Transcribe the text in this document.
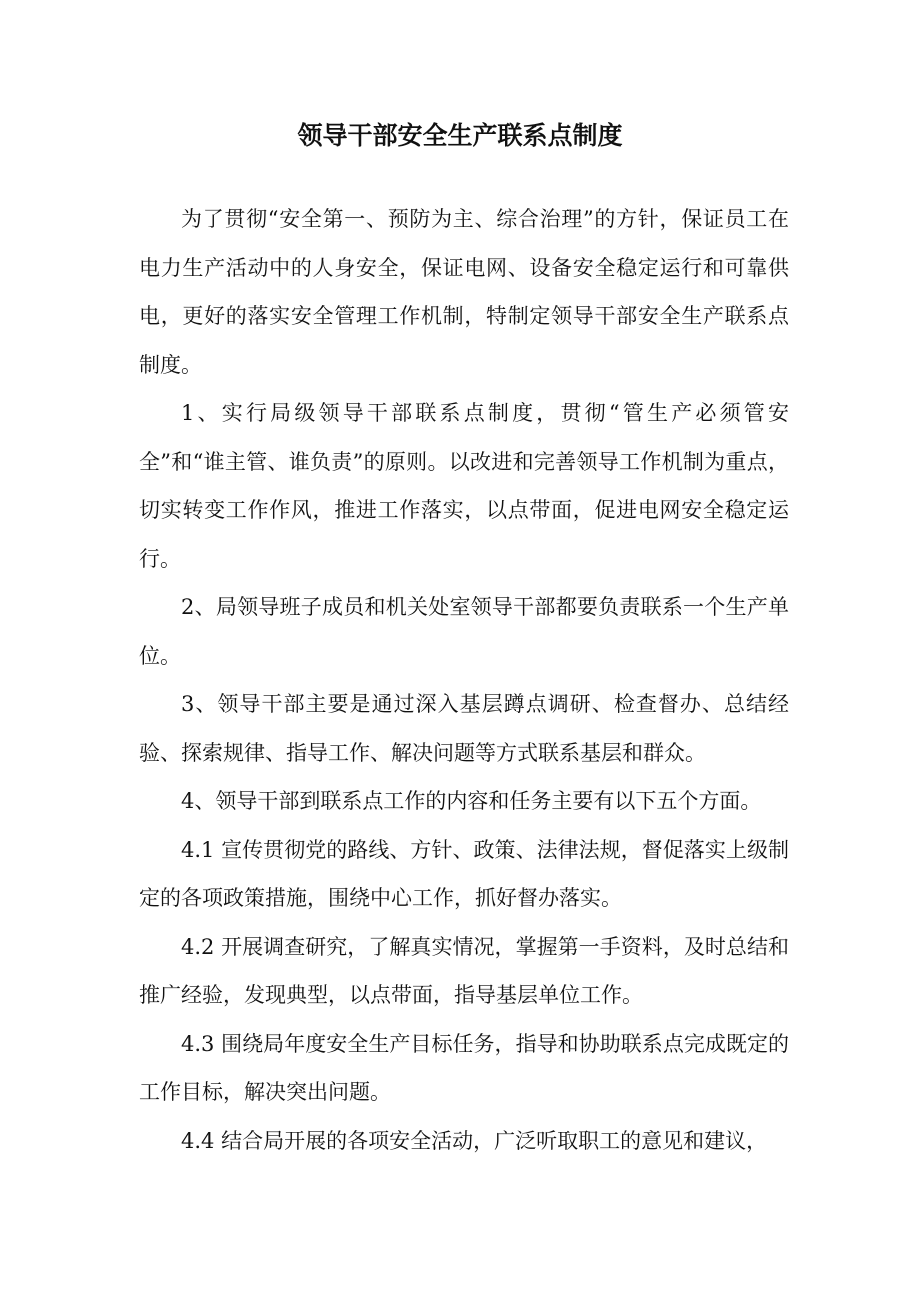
领导干部安全生产联系点制度

为了贯彻“安全第一、预防为主、综合治理”的方针，保证员工在电力生产活动中的人身安全，保证电网、设备安全稳定运行和可靠供电，更好的落实安全管理工作机制，特制定领导干部安全生产联系点制度。

1、实行局级领导干部联系点制度，贯彻“管生产必须管安全”和“谁主管、谁负责”的原则。以改进和完善领导工作机制为重点，切实转变工作作风，推进工作落实，以点带面，促进电网安全稳定运行。

2、局领导班子成员和机关处室领导干部都要负责联系一个生产单位。

3、领导干部主要是通过深入基层蹲点调研、检查督办、总结经验、探索规律、指导工作、解决问题等方式联系基层和群众。

4、领导干部到联系点工作的内容和任务主要有以下五个方面。

4.1 宣传贯彻党的路线、方针、政策、法律法规，督促落实上级制定的各项政策措施，围绕中心工作，抓好督办落实。

4.2 开展调查研究，了解真实情况，掌握第一手资料，及时总结和推广经验，发现典型，以点带面，指导基层单位工作。

4.3 围绕局年度安全生产目标任务，指导和协助联系点完成既定的工作目标，解决突出问题。

4.4 结合局开展的各项安全活动，广泛听取职工的意见和建议，
